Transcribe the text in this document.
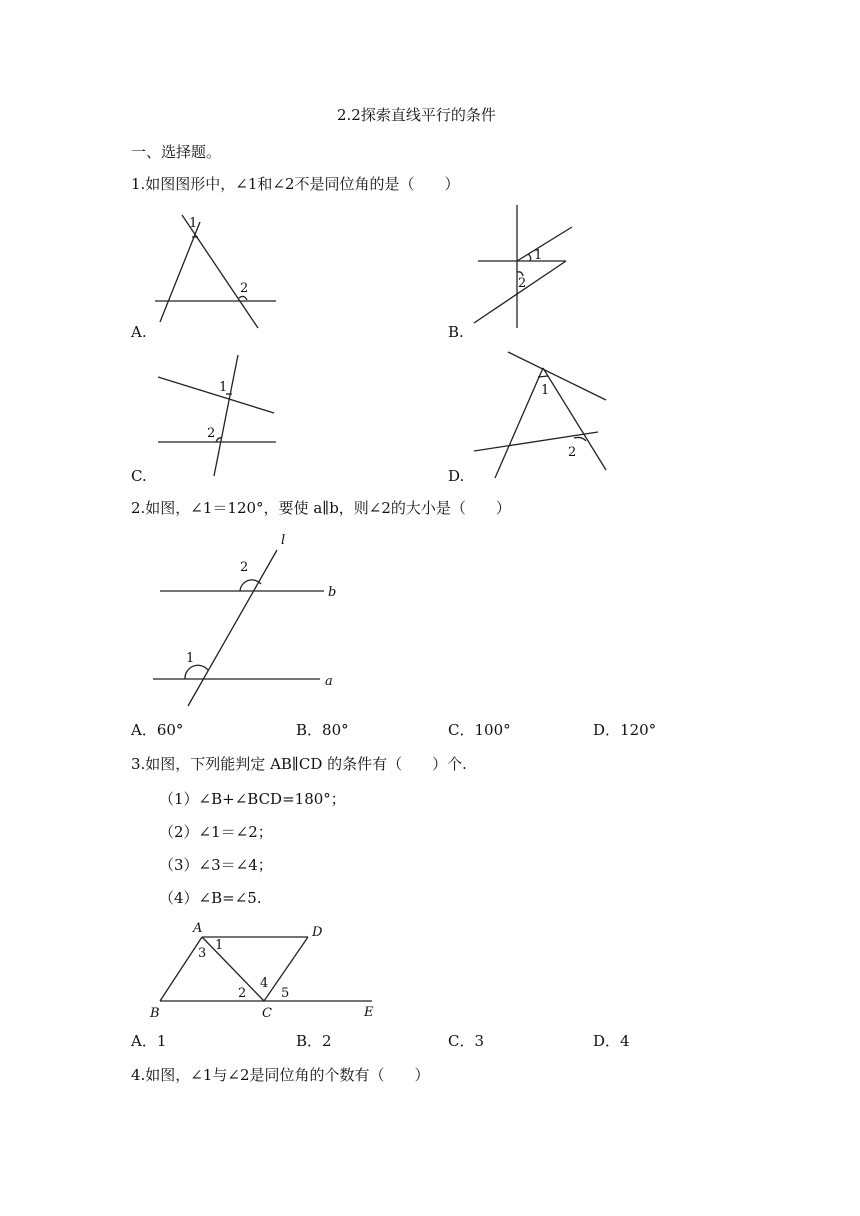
2.2探索直线平行的条件
一、选择题。
1.如图图形中，∠1和∠2不是同位角的是（　　）
1
2
A.
1
2
B.
1
2
C.
1
2
D.
2.如图，∠1＝120°，要使 a∥b，则∠2的大小是（　　）
l
b
a
2
1
A．60°	B．80°	C．100°	D．120°
3.如图，下列能判定 AB∥CD 的条件有（　　）个.
（1）∠B+∠BCD=180°；
（2）∠1＝∠2；
（3）∠3＝∠4；
（4）∠B=∠5.
A	D
B	C	E
1
3
2
4
5
A．1	B．2	C．3	D．4
4.如图，∠1与∠2是同位角的个数有（　　）
